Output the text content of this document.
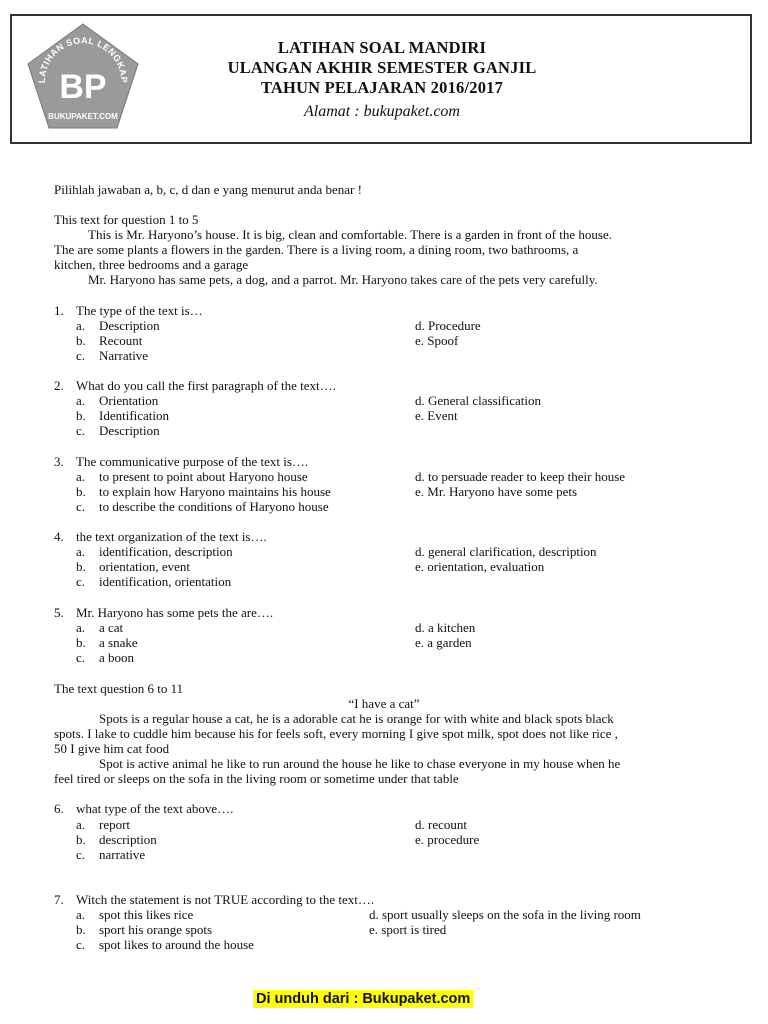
LATIHAN SOAL LENGKAP
BP
BUKUPAKET.COM
LATIHAN SOAL MANDIRI
ULANGAN AKHIR SEMESTER GANJIL
TAHUN PELAJARAN 2016/2017
Alamat : bukupaket.com
Pilihlah jawaban a, b, c, d dan e yang menurut anda benar !
This text for question 1 to 5
This is Mr. Haryono’s house. It is big, clean and comfortable. There is a garden in front of the house.
The are some plants a flowers in the garden. There is a living room, a dining room, two bathrooms, a
kitchen, three bedrooms and a garage
Mr. Haryono has same pets, a dog, and a parrot. Mr. Haryono takes care of the pets very carefully.
1. The type of the text is…
a. Description
b. Recount
c. Narrative
d. Procedure
e. Spoof
2. What do you call the first paragraph of the text….
a. Orientation
b. Identification
c. Description
d. General classification
e. Event
3. The communicative purpose of the text is….
a. to present to point about Haryono house
b. to explain how Haryono maintains his house
c. to describe the conditions of Haryono house
d. to persuade reader to keep their house
e. Mr. Haryono have some pets
4. the text organization of the text is….
a. identification, description
b. orientation, event
c. identification, orientation
d. general clarification, description
e. orientation, evaluation
5. Mr. Haryono has some pets the are….
a. a cat
b. a snake
c. a boon
d. a kitchen
e. a garden
The text question 6 to 11
“I have a cat”
Spots is a regular house a cat, he is a adorable cat he is orange for with white and black spots black
spots. I lake to cuddle him because his for feels soft, every morning I give spot milk, spot does not like rice ,
50 I give him cat food
Spot is active animal he like to run around the house he like to chase everyone in my house when he
feel tired or sleeps on the sofa in the living room or sometime under that table
6. what type of the text above….
a. report
b. description
c. narrative
d. recount
e. procedure
7. Witch the statement is not TRUE according to the text….
a. spot this likes rice
b. sport his orange spots
c. spot likes to around the house
d. sport usually sleeps on the sofa in the living room
e. sport is tired
Di unduh dari : Bukupaket.com
